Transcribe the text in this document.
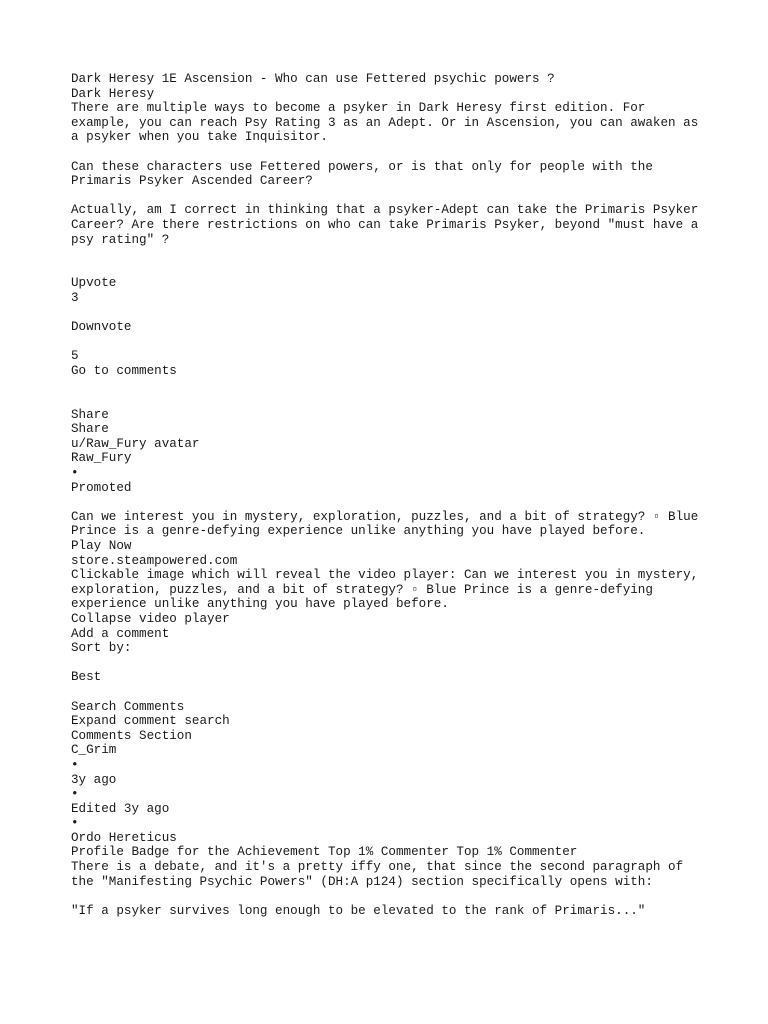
Dark Heresy 1E Ascension - Who can use Fettered psychic powers ?
Dark Heresy
There are multiple ways to become a psyker in Dark Heresy first edition. For example, you can reach Psy Rating 3 as an Adept. Or in Ascension, you can awaken as a psyker when you take Inquisitor.
Can these characters use Fettered powers, or is that only for people with the Primaris Psyker Ascended Career?
Actually, am I correct in thinking that a psyker-Adept can take the Primaris Psyker Career? Are there restrictions on who can take Primaris Psyker, beyond "must have a psy rating" ?
Upvote
3
Downvote
5
Go to comments
Share
Share
u/Raw_Fury avatar
Raw_Fury
•
Promoted
Can we interest you in mystery, exploration, puzzles, and a bit of strategy? ▫ Blue Prince is a genre-defying experience unlike anything you have played before.
Play Now
store.steampowered.com
Clickable image which will reveal the video player: Can we interest you in mystery, exploration, puzzles, and a bit of strategy? ▫ Blue Prince is a genre-defying experience unlike anything you have played before.
Collapse video player
Add a comment
Sort by:
Best
Search Comments
Expand comment search
Comments Section
C_Grim
•
3y ago
•
Edited 3y ago
•
Ordo Hereticus
Profile Badge for the Achievement Top 1% Commenter Top 1% Commenter
There is a debate, and it's a pretty iffy one, that since the second paragraph of the "Manifesting Psychic Powers" (DH:A p124) section specifically opens with:
"If a psyker survives long enough to be elevated to the rank of Primaris..."
